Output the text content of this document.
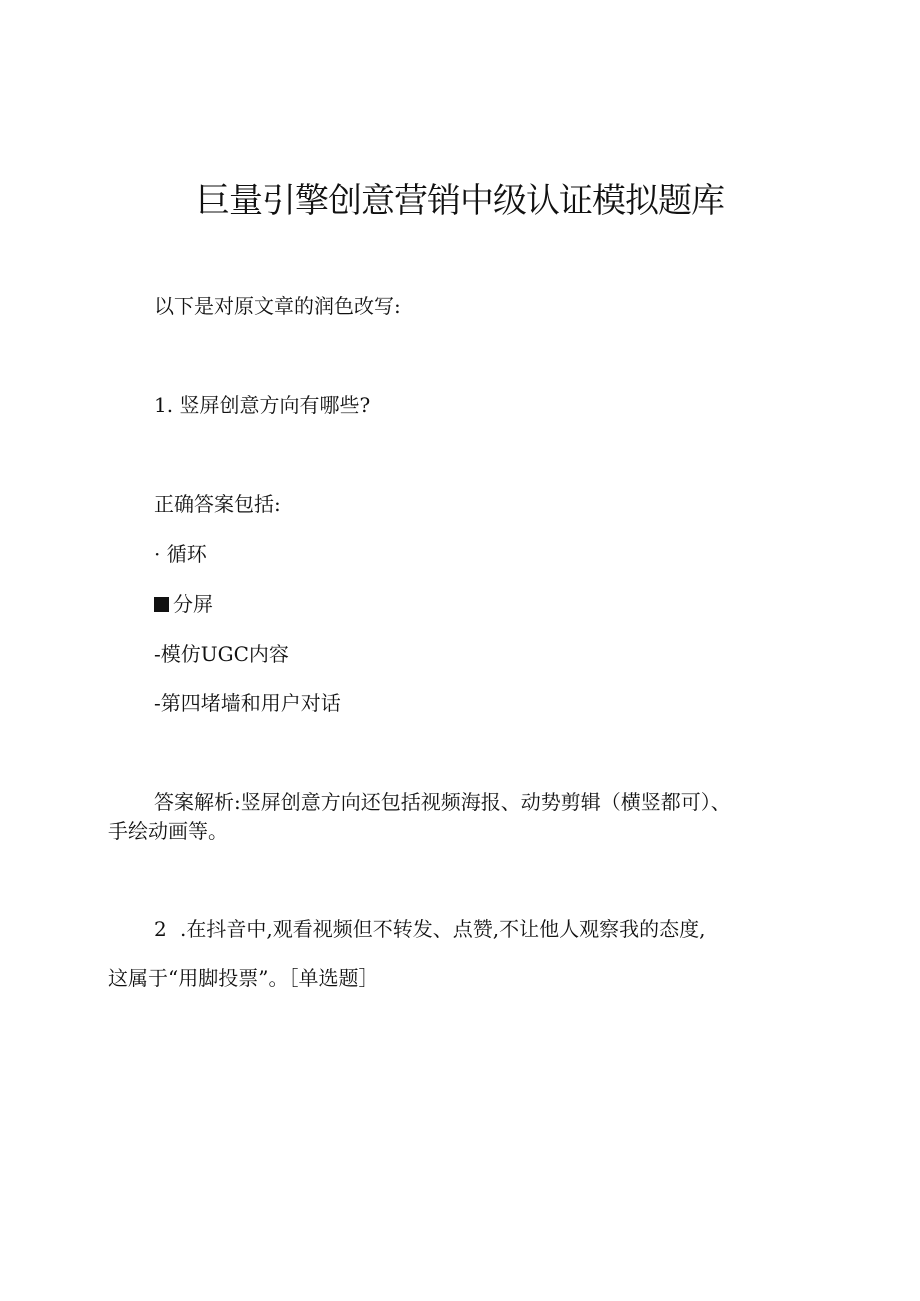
巨量引擎创意营销中级认证模拟题库
以下是对原文章的润色改写:
1. 竖屏创意方向有哪些?
正确答案包括:
· 循环
分屏
-模仿UGC内容
-第四堵墙和用户对话
答案解析:竖屏创意方向还包括视频海报、动势剪辑（横竖都可）、
手绘动画等。
2 .在抖音中,观看视频但不转发、点赞,不让他人观察我的态度,
这属于“用脚投票”。［单选题］
